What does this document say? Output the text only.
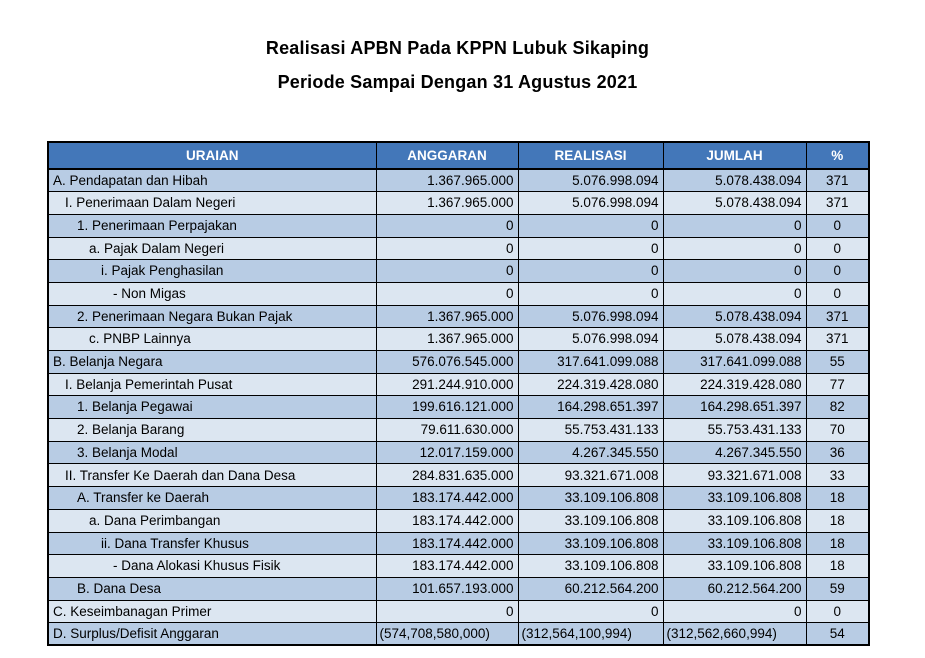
Realisasi APBN Pada KPPN Lubuk Sikaping
Periode Sampai Dengan 31 Agustus 2021
URAIAN	ANGGARAN	REALISASI	JUMLAH	%
A. Pendapatan dan Hibah	1.367.965.000	5.076.998.094	5.078.438.094	371
I. Penerimaan Dalam Negeri	1.367.965.000	5.076.998.094	5.078.438.094	371
1. Penerimaan Perpajakan	0	0	0	0
a. Pajak Dalam Negeri	0	0	0	0
i. Pajak Penghasilan	0	0	0	0
- Non Migas	0	0	0	0
2. Penerimaan Negara Bukan Pajak	1.367.965.000	5.076.998.094	5.078.438.094	371
c. PNBP Lainnya	1.367.965.000	5.076.998.094	5.078.438.094	371
B. Belanja Negara	576.076.545.000	317.641.099.088	317.641.099.088	55
I. Belanja Pemerintah Pusat	291.244.910.000	224.319.428.080	224.319.428.080	77
1. Belanja Pegawai	199.616.121.000	164.298.651.397	164.298.651.397	82
2. Belanja Barang	79.611.630.000	55.753.431.133	55.753.431.133	70
3. Belanja Modal	12.017.159.000	4.267.345.550	4.267.345.550	36
II. Transfer Ke Daerah dan Dana Desa	284.831.635.000	93.321.671.008	93.321.671.008	33
A. Transfer ke Daerah	183.174.442.000	33.109.106.808	33.109.106.808	18
a. Dana Perimbangan	183.174.442.000	33.109.106.808	33.109.106.808	18
ii. Dana Transfer Khusus	183.174.442.000	33.109.106.808	33.109.106.808	18
- Dana Alokasi Khusus Fisik	183.174.442.000	33.109.106.808	33.109.106.808	18
B. Dana Desa	101.657.193.000	60.212.564.200	60.212.564.200	59
C. Keseimbanagan Primer	0	0	0	0
D. Surplus/Defisit Anggaran	(574,708,580,000)	(312,564,100,994)	(312,562,660,994)	54
